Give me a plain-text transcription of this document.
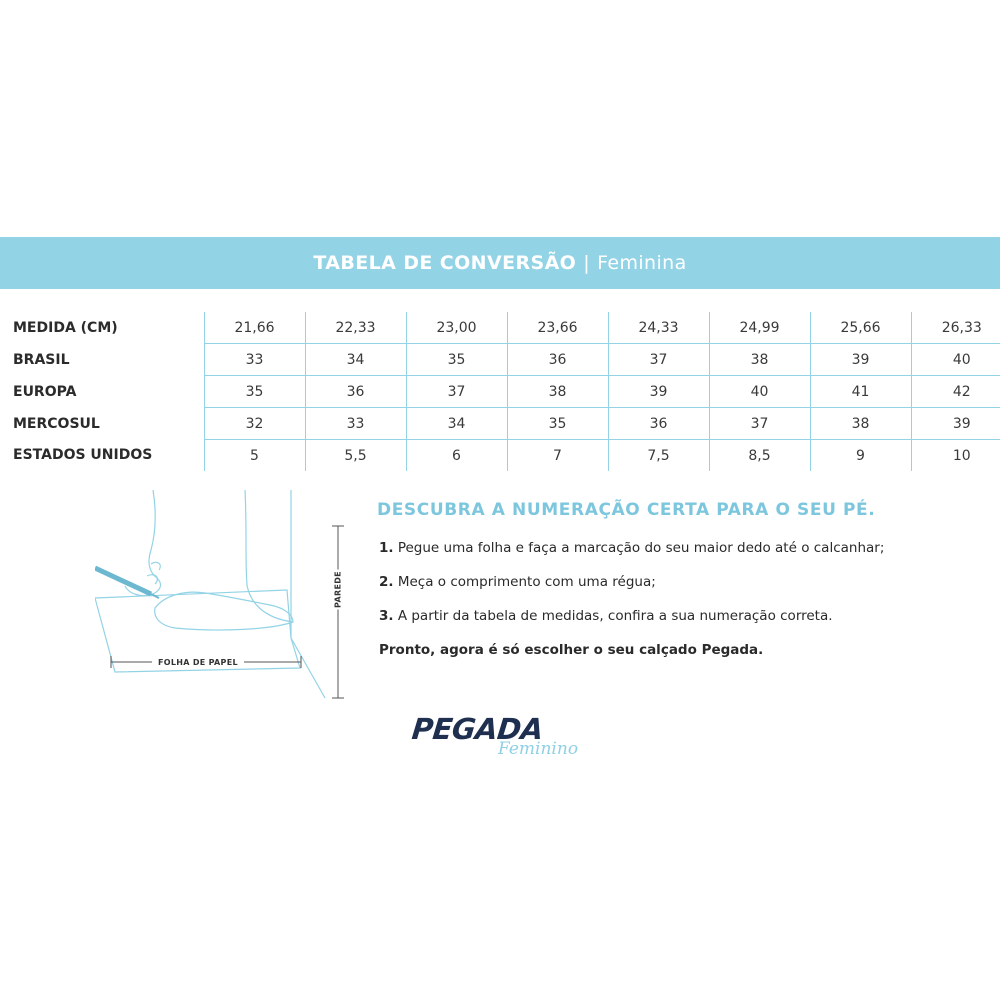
TABELA DE CONVERSÃO | Feminina
MEDIDA (CM)	21,66	22,33	23,00	23,66	24,33	24,99	25,66	26,33
BRASIL	33	34	35	36	37	38	39	40
EUROPA	35	36	37	38	39	40	41	42
MERCOSUL	32	33	34	35	36	37	38	39
ESTADOS UNIDOS	5	5,5	6	7	7,5	8,5	9	10
FOLHA DE PAPEL
PAREDE
DESCUBRA A NUMERAÇÃO CERTA PARA O SEU PÉ.
1. Pegue uma folha e faça a marcação do seu maior dedo até o calcanhar;
2. Meça o comprimento com uma régua;
3. A partir da tabela de medidas, confira a sua numeração correta.
Pronto, agora é só escolher o seu calçado Pegada.
PEGADA
Feminino
